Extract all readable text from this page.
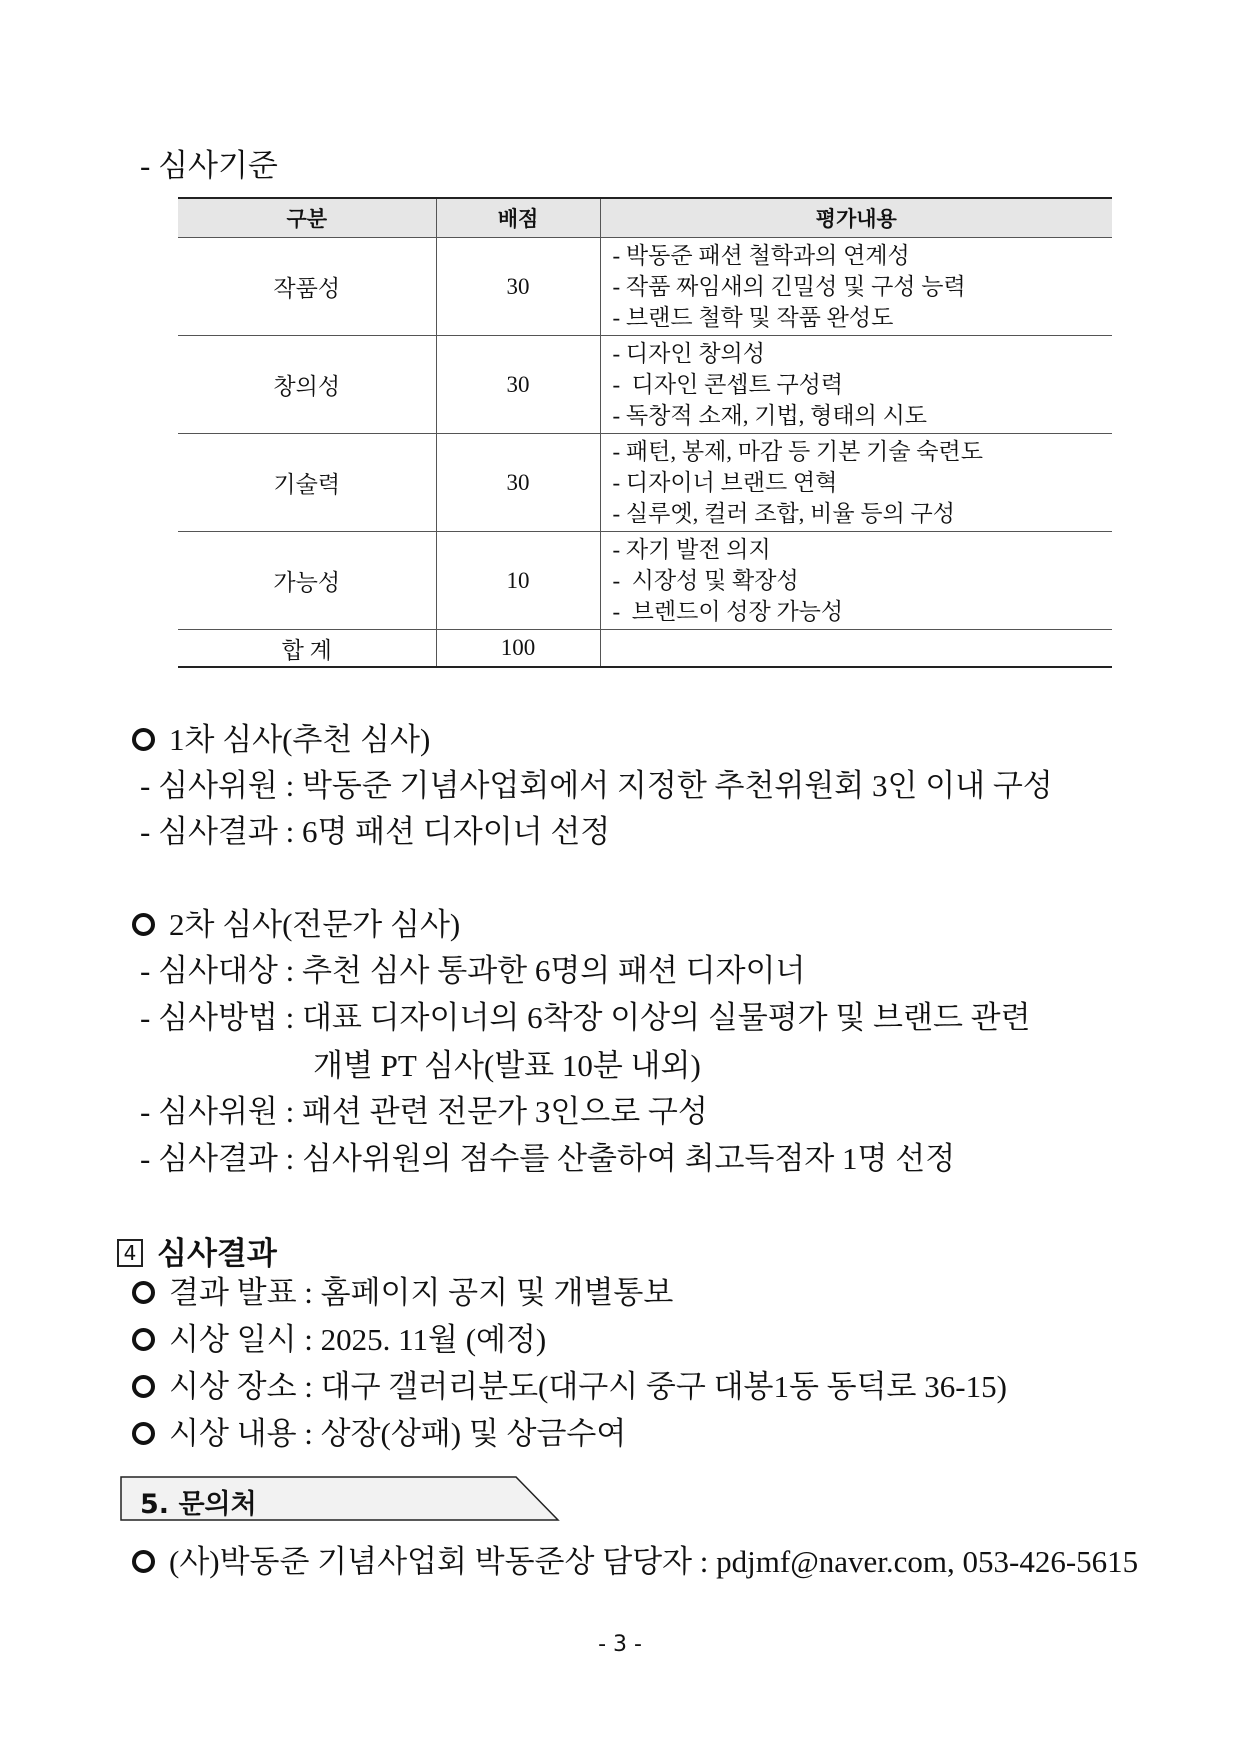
- 심사기준
구분	배점	평가내용
작품성	30	- 박동준 패션 철학과의 연계성
- 작품 짜임새의 긴밀성 및 구성 능력
- 브랜드 철학 및 작품 완성도

창의성	30	- 디자인 창의성
-  디자인 콘셉트 구성력
- 독창적 소재, 기법, 형태의 시도

기술력	30	- 패턴, 봉제, 마감 등 기본 기술 숙련도
- 디자이너 브랜드 연혁
- 실루엣, 컬러 조합, 비율 등의 구성

가능성	10	- 자기 발전 의지
-  시장성 및 확장성
-  브렌드이 성장 가능성

합 계	100	
1차 심사(추천 심사)
- 심사위원 : 박동준 기념사업회에서 지정한 추천위원회 3인 이내 구성
- 심사결과 : 6명 패션 디자이너 선정
2차 심사(전문가 심사)
- 심사대상 : 추천 심사 통과한 6명의 패션 디자이너
- 심사방법 : 대표 디자이너의 6착장 이상의 실물평가 및 브랜드 관련
개별 PT 심사(발표 10분 내외)
- 심사위원 : 패션 관련 전문가 3인으로 구성
- 심사결과 : 심사위원의 점수를 산출하여 최고득점자 1명 선정
4 심사결과
결과 발표 : 홈페이지 공지 및 개별통보
시상 일시 : 2025. 11월 (예정)
시상 장소 : 대구 갤러리분도(대구시 중구 대봉1동 동덕로 36-15)
시상 내용 : 상장(상패) 및 상금수여
5. 문의처
(사)박동준 기념사업회 박동준상 담당자 : pdjmf@naver.com, 053-426-5615
- 3 -
